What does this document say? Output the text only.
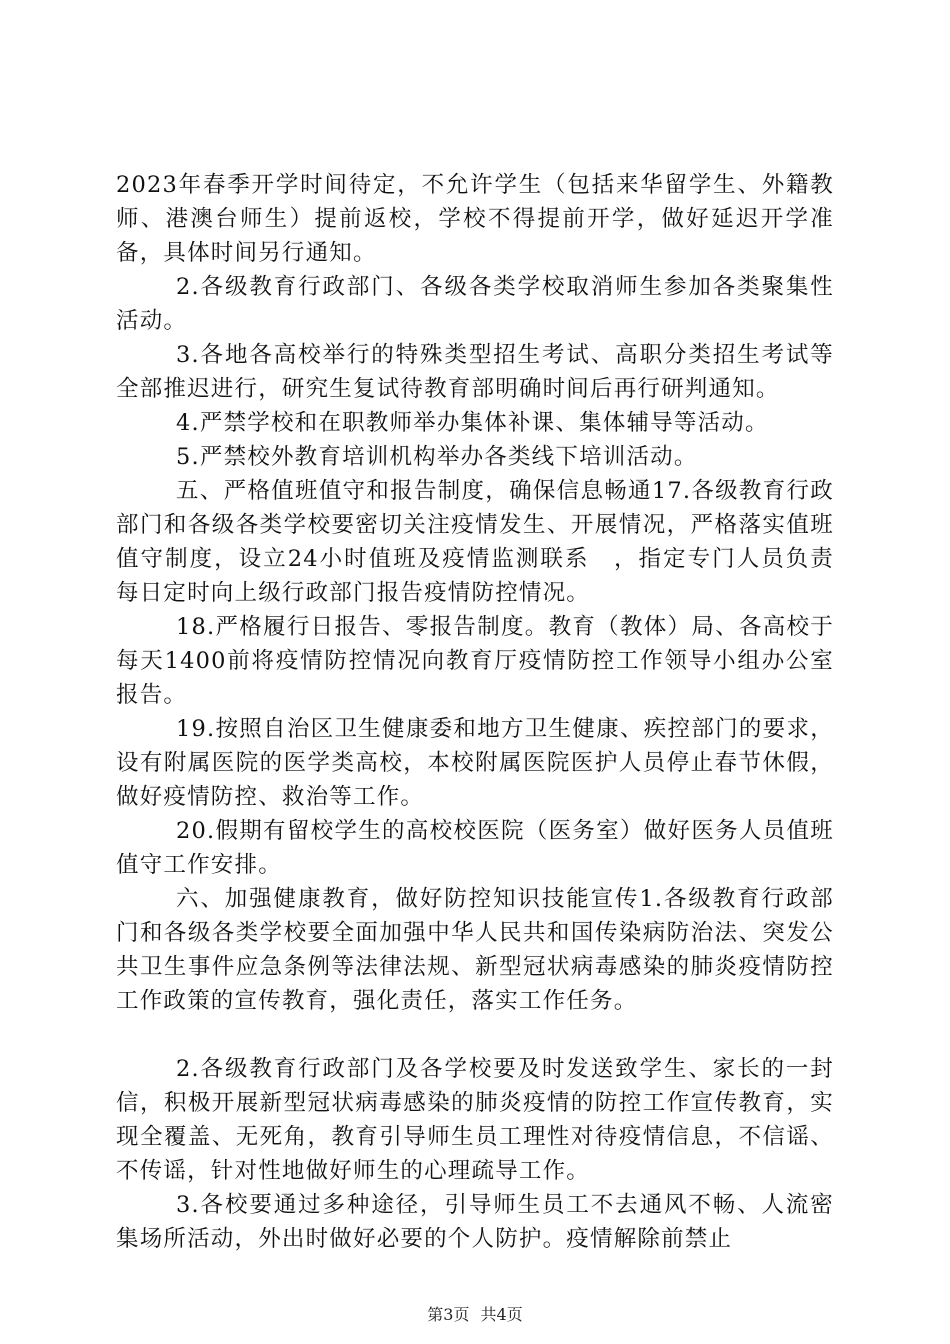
2023年春季开学时间待定，不允许学生（包括来华留学生、外籍教师、港澳台师生）提前返校，学校不得提前开学，做好延迟开学准备，具体时间另行通知。

2.各级教育行政部门、各级各类学校取消师生参加各类聚集性活动。

3.各地各高校举行的特殊类型招生考试、高职分类招生考试等全部推迟进行，研究生复试待教育部明确时间后再行研判通知。

4.严禁学校和在职教师举办集体补课、集体辅导等活动。

5.严禁校外教育培训机构举办各类线下培训活动。

五、严格值班值守和报告制度，确保信息畅通17.各级教育行政部门和各级各类学校要密切关注疫情发生、开展情况，严格落实值班值守制度，设立24小时值班及疫情监测联系　，指定专门人员负责每日定时向上级行政部门报告疫情防控情况。

18.严格履行日报告、零报告制度。教育（教体）局、各高校于每天1400前将疫情防控情况向教育厅疫情防控工作领导小组办公室报告。

19.按照自治区卫生健康委和地方卫生健康、疾控部门的要求，设有附属医院的医学类高校，本校附属医院医护人员停止春节休假，做好疫情防控、救治等工作。

20.假期有留校学生的高校校医院（医务室）做好医务人员值班值守工作安排。

六、加强健康教育，做好防控知识技能宣传1.各级教育行政部门和各级各类学校要全面加强中华人民共和国传染病防治法、突发公共卫生事件应急条例等法律法规、新型冠状病毒感染的肺炎疫情防控工作政策的宣传教育，强化责任，落实工作任务。

2.各级教育行政部门及各学校要及时发送致学生、家长的一封信，积极开展新型冠状病毒感染的肺炎疫情的防控工作宣传教育，实现全覆盖、无死角，教育引导师生员工理性对待疫情信息，不信谣、不传谣，针对性地做好师生的心理疏导工作。

3.各校要通过多种途径，引导师生员工不去通风不畅、人流密集场所活动，外出时做好必要的个人防护。疫情解除前禁止

第3页 共4页
